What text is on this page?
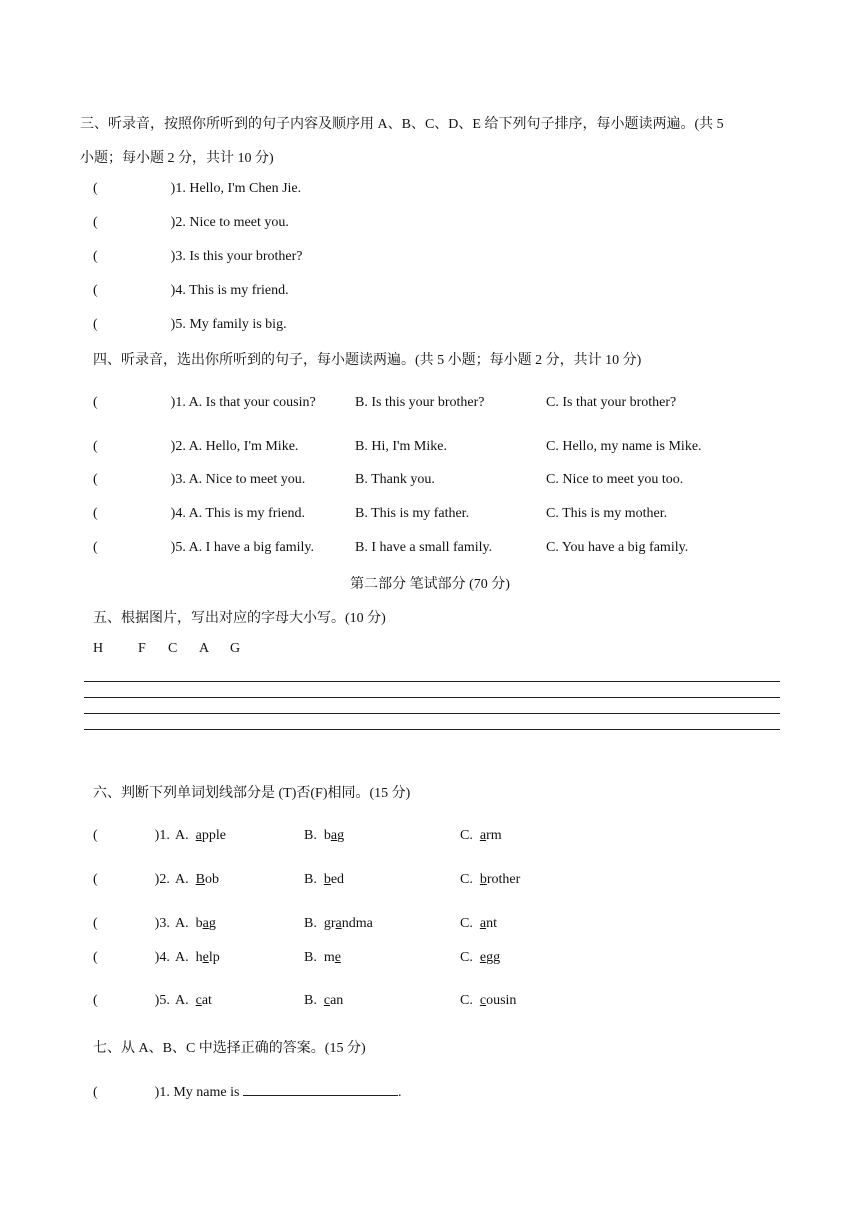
三、听录音，按照你所听到的句子内容及顺序用 A、B、C、D、E 给下列句子排序，每小题读两遍。(共 5
小题；每小题 2 分，共计 10 分)
(	)1. Hello, I'm Chen Jie.
(	)2. Nice to meet you.
(	)3. Is this your brother?
(	)4. This is my friend.
(	)5. My family is big.
四、听录音，选出你所听到的句子，每小题读两遍。(共 5 小题；每小题 2 分，共计 10 分)
(	)1. A. Is that your cousin?	B. Is this your brother?	C. Is that your brother?
(	)2. A. Hello, I'm Mike.	B. Hi, I'm Mike.	C. Hello, my name is Mike.
(	)3. A. Nice to meet you.	B. Thank you.	C. Nice to meet you too.
(	)4. A. This is my friend.	B. This is my father.	C. This is my mother.
(	)5. A. I have a big family.	B. I have a small family.	C. You have a big family.
第二部分 笔试部分 (70 分)
五、根据图片，写出对应的字母大小写。(10 分)
H F C A G
六、判断下列单词划线部分是 (T)否(F)相同。(15 分)
(	)1. A. apple	B. bag	C. arm
(	)2. A. Bob	B. bed	C. brother
(	)3. A. bag	B. grandma	C. ant
(	)4. A. help	B. me	C. egg
(	)5. A. cat	B. can	C. cousin
七、从 A、B、C 中选择正确的答案。(15 分)
(	)1. My name is	.
